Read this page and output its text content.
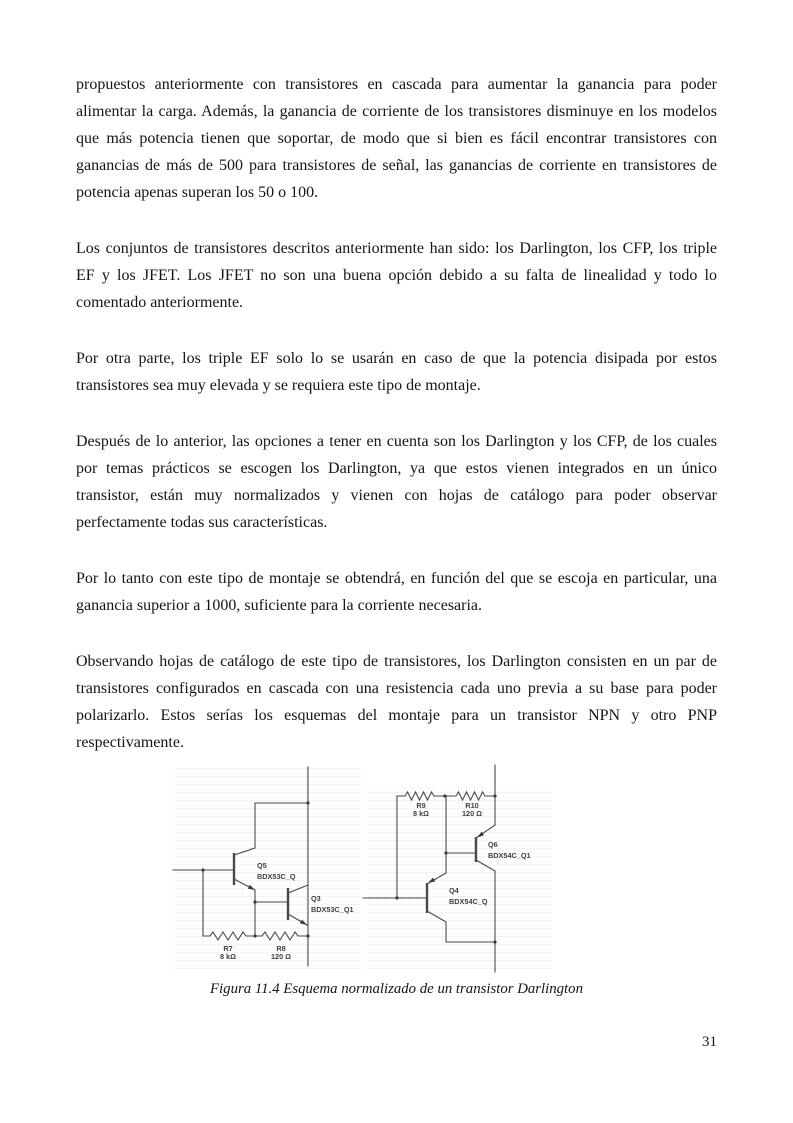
propuestos anteriormente con transistores en cascada para aumentar la ganancia para poder alimentar la carga. Además, la ganancia de corriente de los transistores disminuye en los modelos que más potencia tienen que soportar, de modo que si bien es fácil encontrar transistores con ganancias de más de 500 para transistores de señal, las ganancias de corriente en transistores de potencia apenas superan los 50 o 100.

Los conjuntos de transistores descritos anteriormente han sido: los Darlington, los CFP, los triple EF y los JFET. Los JFET no son una buena opción debido a su falta de linealidad y todo lo comentado anteriormente.

Por otra parte, los triple EF solo lo se usarán en caso de que la potencia disipada por estos transistores sea muy elevada y se requiera este tipo de montaje.

Después de lo anterior, las opciones a tener en cuenta son los Darlington y los CFP, de los cuales por temas prácticos se escogen los Darlington, ya que estos vienen integrados en un único transistor, están muy normalizados y vienen con hojas de catálogo para poder observar perfectamente todas sus características.

Por lo tanto con este tipo de montaje se obtendrá, en función del que se escoja en particular, una ganancia superior a 1000, suficiente para la corriente necesaria.

Observando hojas de catálogo de este tipo de transistores, los Darlington consisten en un par de transistores configurados en cascada con una resistencia cada uno previa a su base para poder polarizarlo. Estos serías los esquemas del montaje para un transistor NPN y otro PNP respectivamente.

Q5
BDX53C_Q
Q3
BDX53C_Q1
R7
8 kΩ
R8
120 Ω
R9
8 kΩ
R10
120 Ω
Q6
BDX54C_Q1
Q4
BDX54C_Q
Figura 11.4 Esquema normalizado de un transistor Darlington
31
